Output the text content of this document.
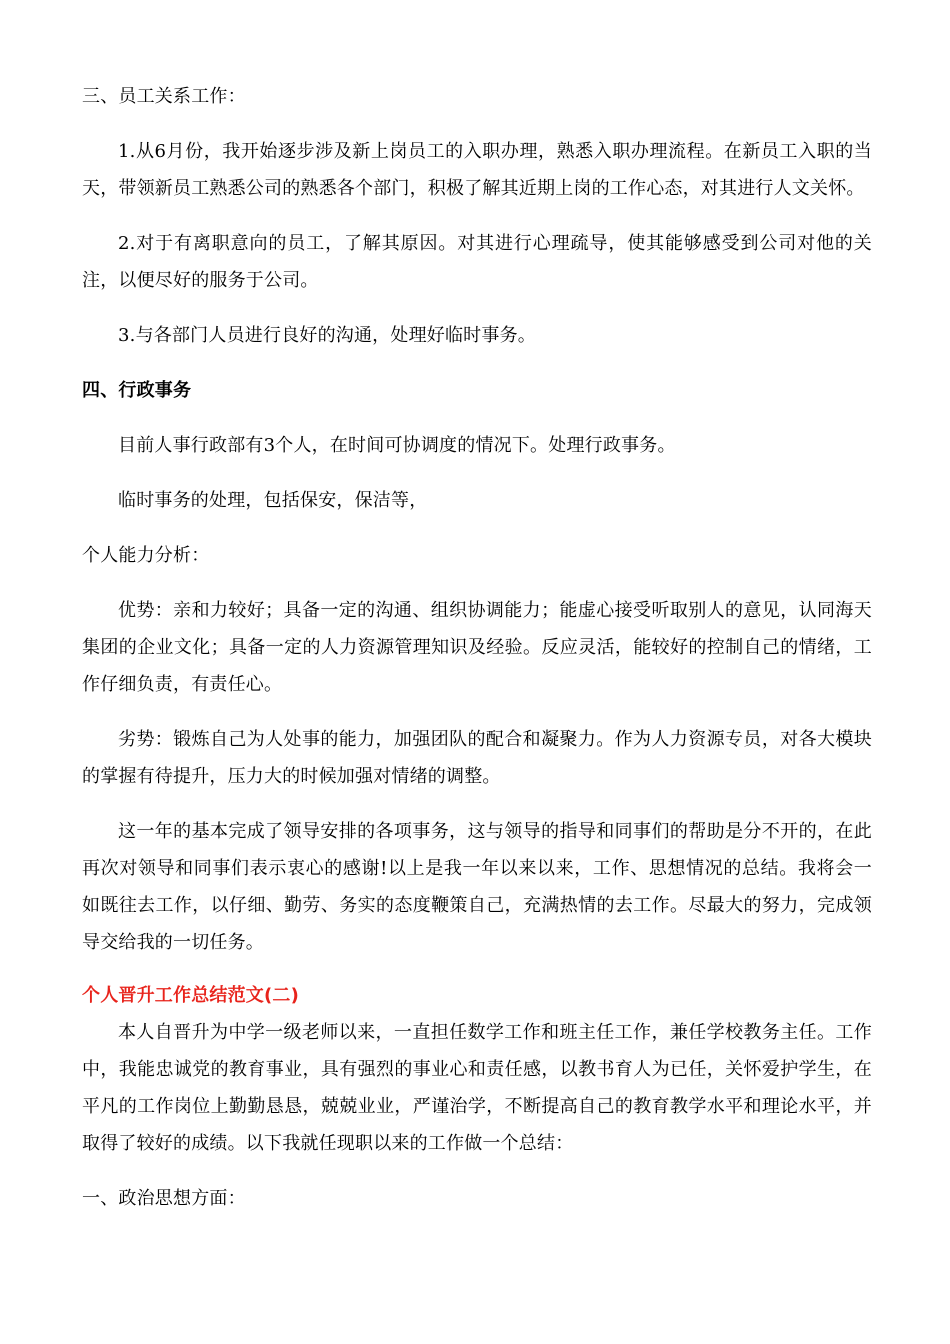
三、员工关系工作：

1.从6月份，我开始逐步涉及新上岗员工的入职办理，熟悉入职办理流程。在新员工入职的当天，带领新员工熟悉公司的熟悉各个部门，积极了解其近期上岗的工作心态，对其进行人文关怀。

2.对于有离职意向的员工，了解其原因。对其进行心理疏导，使其能够感受到公司对他的关注，以便尽好的服务于公司。

3.与各部门人员进行良好的沟通，处理好临时事务。

四、行政事务

目前人事行政部有3个人，在时间可协调度的情况下。处理行政事务。

临时事务的处理，包括保安，保洁等，

个人能力分析：

优势：亲和力较好；具备一定的沟通、组织协调能力；能虚心接受听取别人的意见，认同海天集团的企业文化；具备一定的人力资源管理知识及经验。反应灵活，能较好的控制自己的情绪，工作仔细负责，有责任心。

劣势：锻炼自己为人处事的能力，加强团队的配合和凝聚力。作为人力资源专员，对各大模块的掌握有待提升，压力大的时候加强对情绪的调整。

这一年的基本完成了领导安排的各项事务，这与领导的指导和同事们的帮助是分不开的，在此再次对领导和同事们表示衷心的感谢!以上是我一年以来以来，工作、思想情况的总结。我将会一如既往去工作，以仔细、勤劳、务实的态度鞭策自己，充满热情的去工作。尽最大的努力，完成领导交给我的一切任务。

个人晋升工作总结范文(二)

本人自晋升为中学一级老师以来，一直担任数学工作和班主任工作，兼任学校教务主任。工作中，我能忠诚党的教育事业，具有强烈的事业心和责任感，以教书育人为已任，关怀爱护学生，在平凡的工作岗位上勤勤恳恳，兢兢业业，严谨治学，不断提高自己的教育教学水平和理论水平，并取得了较好的成绩。以下我就任现职以来的工作做一个总结：

一、政治思想方面：
